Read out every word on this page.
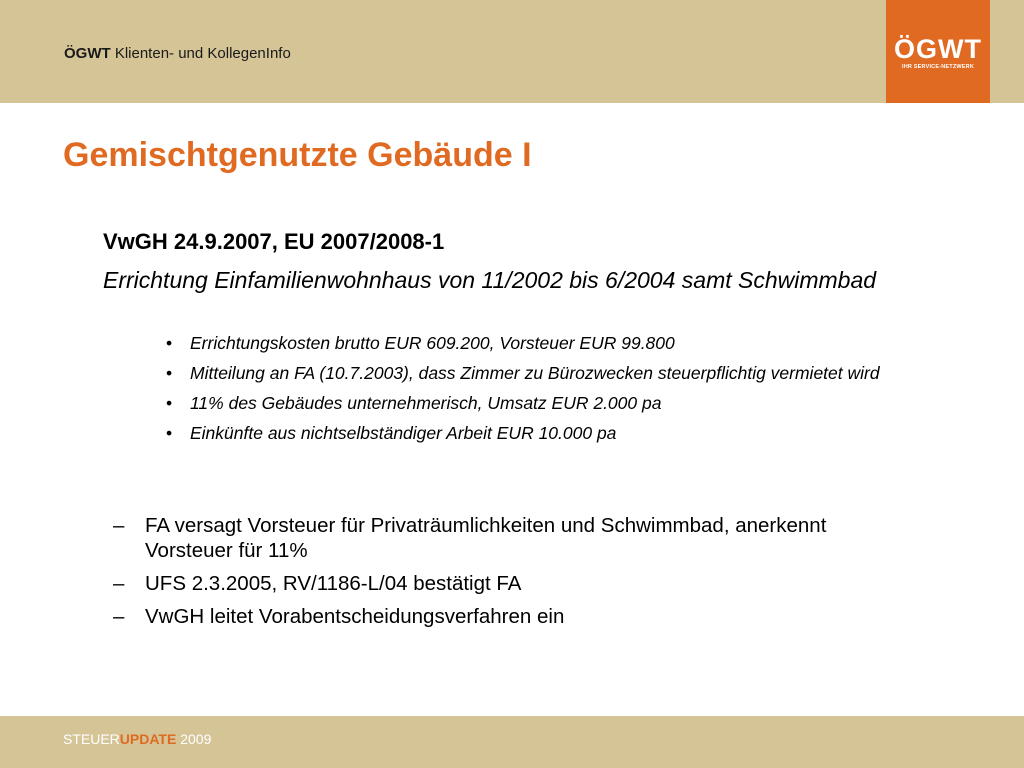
ÖGWT Klienten- und KollegenInfo	ÖGWT
IHR SERVICE-NETZWERK
Gemischtgenutzte Gebäude I
VwGH 24.9.2007, EU 2007/2008-1
Errichtung Einfamilienwohnhaus von 11/2002 bis 6/2004 samt Schwimmbad
• Errichtungskosten brutto EUR 609.200, Vorsteuer EUR 99.800
• Mitteilung an FA (10.7.2003), dass Zimmer zu Bürozwecken steuerpflichtig vermietet wird
• 11% des Gebäudes unternehmerisch, Umsatz EUR 2.000 pa
• Einkünfte aus nichtselbständiger Arbeit EUR 10.000 pa
– FA versagt Vorsteuer für Privaträumlichkeiten und Schwimmbad, anerkennt Vorsteuer für 11%
– UFS 2.3.2005, RV/1186-L/04 bestätigt FA
– VwGH leitet Vorabentscheidungsverfahren ein
STEUERUPDATE 2009
